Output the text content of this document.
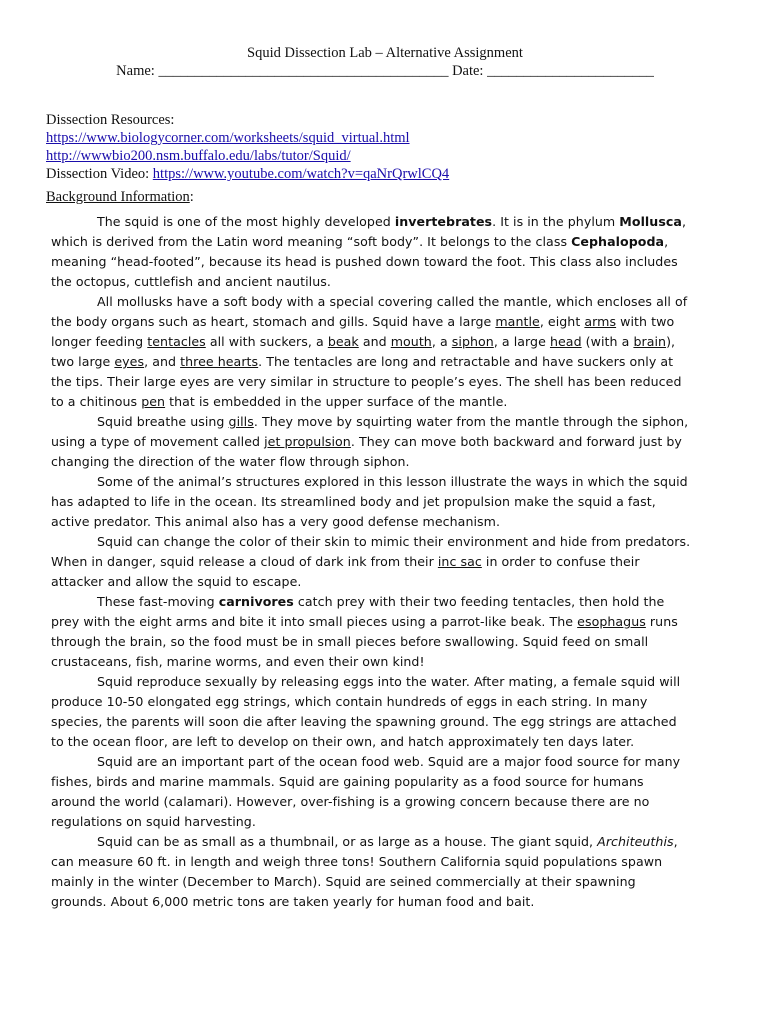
Squid Dissection Lab – Alternative Assignment
Name: ________________________________________ Date: _______________________
Dissection Resources:
https://www.biologycorner.com/worksheets/squid_virtual.html
http://wwwbio200.nsm.buffalo.edu/labs/tutor/Squid/
Dissection Video: https://www.youtube.com/watch?v=qaNrQrwlCQ4
Background Information:

The squid is one of the most highly developed invertebrates. It is in the phylum Mollusca, which is derived from the Latin word meaning “soft body”. It belongs to the class Cephalopoda, meaning “head-footed”, because its head is pushed down toward the foot. This class also includes the octopus, cuttlefish and ancient nautilus.

All mollusks have a soft body with a special covering called the mantle, which encloses all of the body organs such as heart, stomach and gills. Squid have a large mantle, eight arms with two longer feeding tentacles all with suckers, a beak and mouth, a siphon, a large head (with a brain), two large eyes, and three hearts. The tentacles are long and retractable and have suckers only at the tips. Their large eyes are very similar in structure to people’s eyes. The shell has been reduced to a chitinous pen that is embedded in the upper surface of the mantle.

Squid breathe using gills. They move by squirting water from the mantle through the siphon, using a type of movement called jet propulsion. They can move both backward and forward just by changing the direction of the water flow through siphon.

Some of the animal’s structures explored in this lesson illustrate the ways in which the squid has adapted to life in the ocean. Its streamlined body and jet propulsion make the squid a fast, active predator. This animal also has a very good defense mechanism.

Squid can change the color of their skin to mimic their environment and hide from predators. When in danger, squid release a cloud of dark ink from their inc sac in order to confuse their attacker and allow the squid to escape.

These fast-moving carnivores catch prey with their two feeding tentacles, then hold the prey with the eight arms and bite it into small pieces using a parrot-like beak. The esophagus runs through the brain, so the food must be in small pieces before swallowing. Squid feed on small crustaceans, fish, marine worms, and even their own kind!

Squid reproduce sexually by releasing eggs into the water. After mating, a female squid will produce 10-50 elongated egg strings, which contain hundreds of eggs in each string. In many species, the parents will soon die after leaving the spawning ground. The egg strings are attached to the ocean floor, are left to develop on their own, and hatch approximately ten days later.

Squid are an important part of the ocean food web. Squid are a major food source for many fishes, birds and marine mammals. Squid are gaining popularity as a food source for humans around the world (calamari). However, over-fishing is a growing concern because there are no regulations on squid harvesting.

Squid can be as small as a thumbnail, or as large as a house. The giant squid, Architeuthis, can measure 60 ft. in length and weigh three tons! Southern California squid populations spawn mainly in the winter (December to March). Squid are seined commercially at their spawning grounds. About 6,000 metric tons are taken yearly for human food and bait.
